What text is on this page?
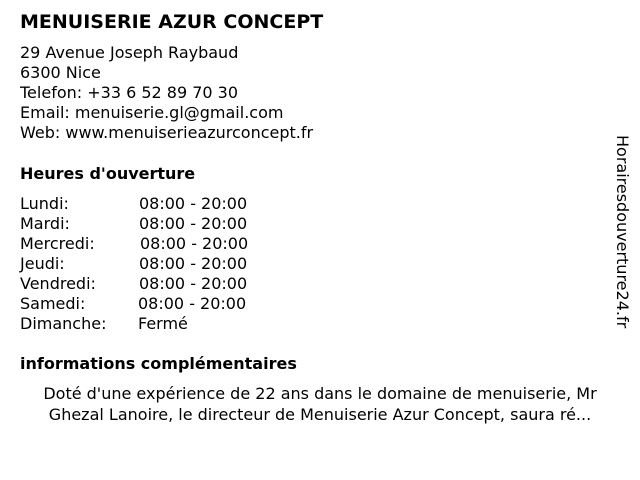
MENUISERIE AZUR CONCEPT
29 Avenue Joseph Raybaud
6300 Nice
Telefon: +33 6 52 89 70 30
Email: menuiserie.gl@gmail.com
Web: www.menuiserieazurconcept.fr
Heures d'ouverture
Lundi:	08:00 - 20:00
Mardi:	08:00 - 20:00
Mercredi:	08:00 - 20:00
Jeudi:	08:00 - 20:00
Vendredi:	08:00 - 20:00
Samedi:	08:00 - 20:00
Dimanche: Fermé
informations complémentaires
Doté d'une expérience de 22 ans dans le domaine de menuiserie, Mr Ghezal Lanoire, le directeur de Menuiserie Azur Concept, saura ré...
Horairesdouverture24.fr
